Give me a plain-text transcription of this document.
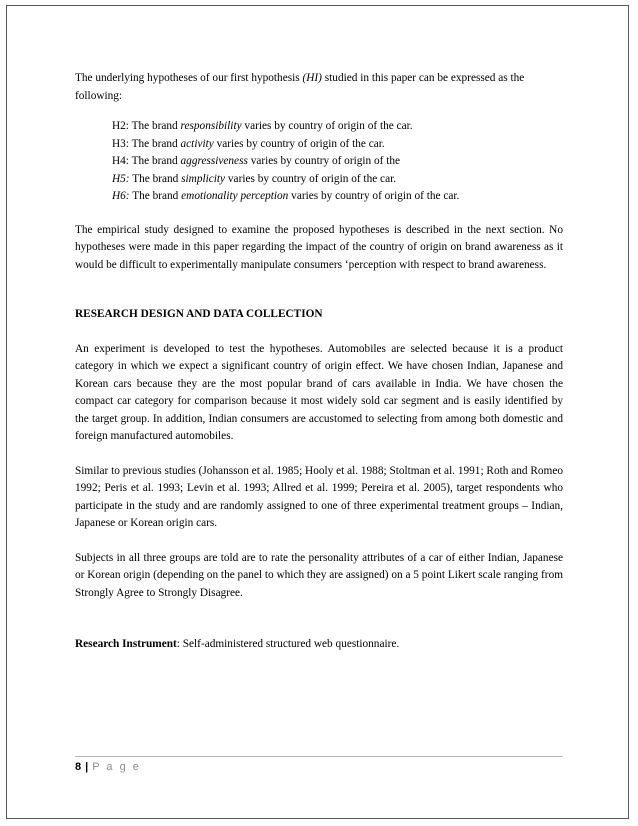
The underlying hypotheses of our first hypothesis (HI) studied in this paper can be expressed as the following:

H2: The brand responsibility varies by country of origin of the car.
H3: The brand activity varies by country of origin of the car.
H4: The brand aggressiveness varies by country of origin of the
H5: The brand simplicity varies by country of origin of the car.
H6: The brand emotionality perception varies by country of origin of the car.

The empirical study designed to examine the proposed hypotheses is described in the next section. No hypotheses were made in this paper regarding the impact of the country of origin on brand awareness as it would be difficult to experimentally manipulate consumers ‘perception with respect to brand awareness.

RESEARCH DESIGN AND DATA COLLECTION

An experiment is developed to test the hypotheses. Automobiles are selected because it is a product category in which we expect a significant country of origin effect. We have chosen Indian, Japanese and Korean cars because they are the most popular brand of cars available in India. We have chosen the compact car category for comparison because it most widely sold car segment and is easily identified by the target group. In addition, Indian consumers are accustomed to selecting from among both domestic and foreign manufactured automobiles.

Similar to previous studies (Johansson et al. 1985; Hooly et al. 1988; Stoltman et al. 1991; Roth and Romeo 1992; Peris et al. 1993; Levin et al. 1993; Allred et al. 1999; Pereira et al. 2005), target respondents who participate in the study and are randomly assigned to one of three experimental treatment groups – Indian, Japanese or Korean origin cars.

Subjects in all three groups are told are to rate the personality attributes of a car of either Indian, Japanese or Korean origin (depending on the panel to which they are assigned) on a 5 point Likert scale ranging from Strongly Agree to Strongly Disagree.

Research Instrument: Self-administered structured web questionnaire.

8 | P a g e
